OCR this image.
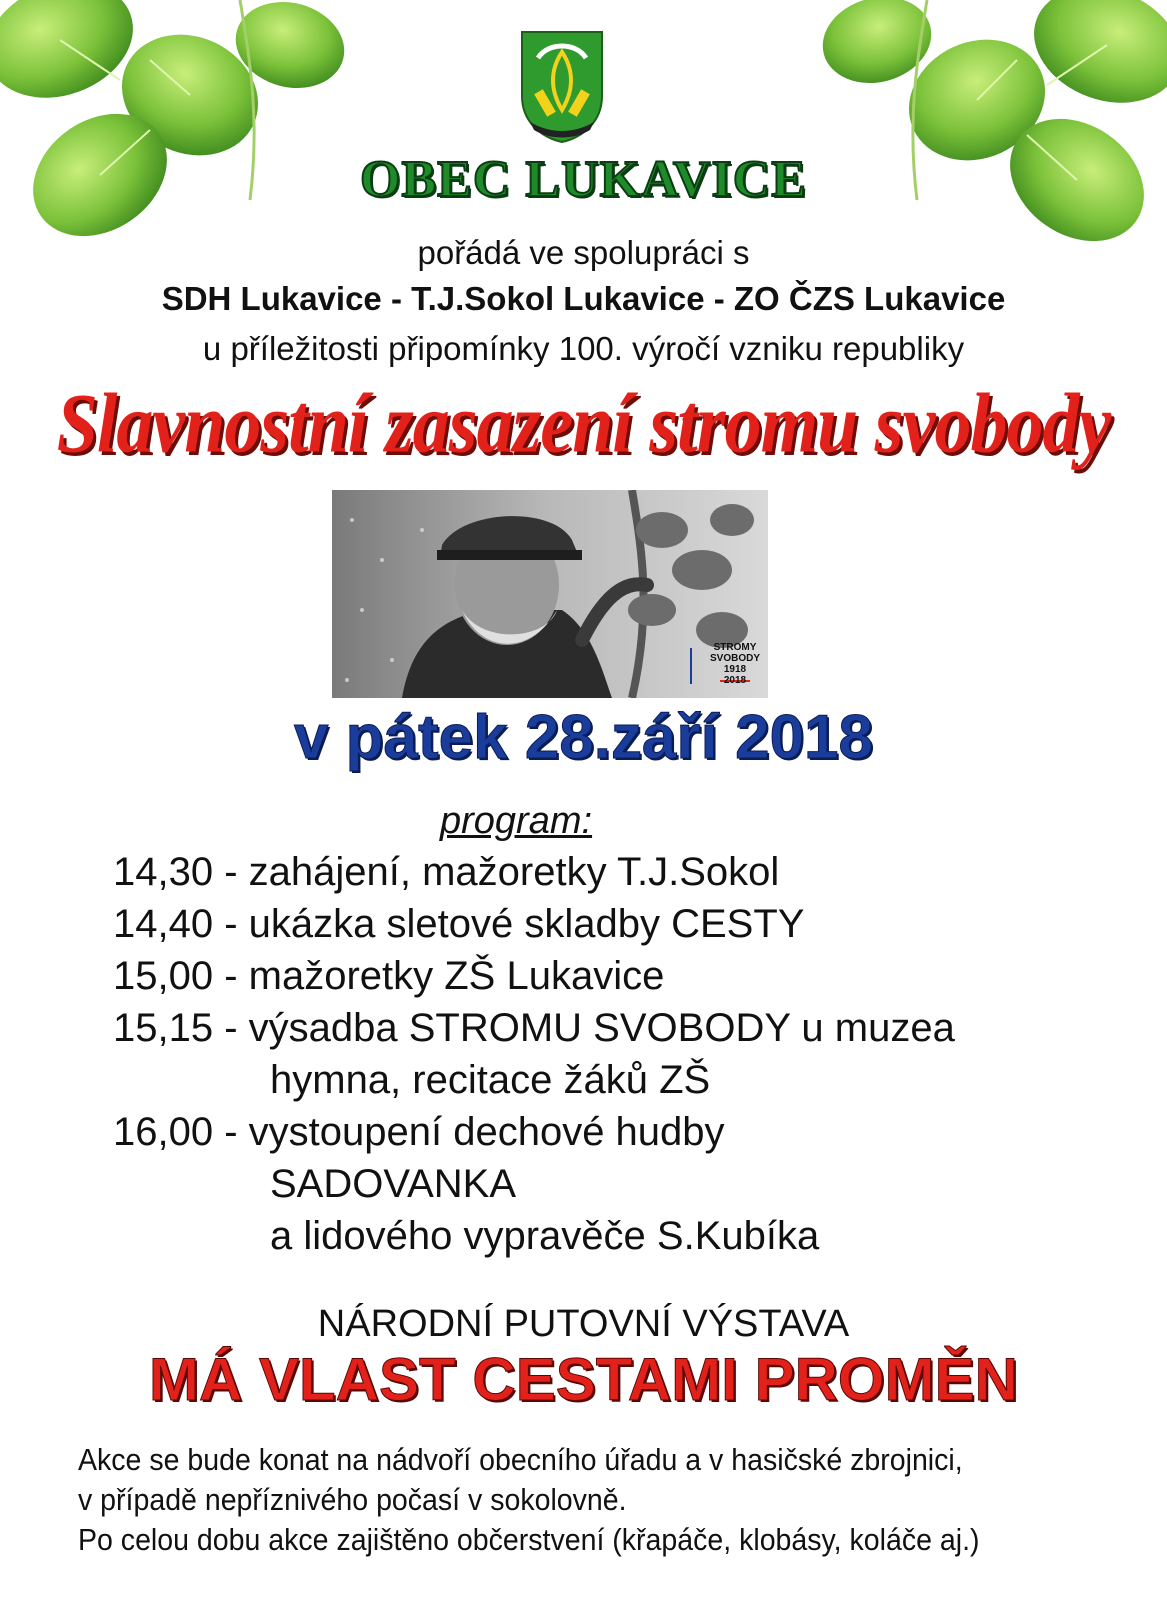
OBEC LUKAVICE
pořádá ve spolupráci s
SDH Lukavice - T.J.Sokol Lukavice - ZO ČZS Lukavice
u příležitosti připomínky 100. výročí vzniku republiky
Slavnostní zasazení stromu svobody
STROMY
SVOBODY
1918
2018
v pátek 28.září 2018
program:
14,30 - zahájení, mažoretky T.J.Sokol
14,40 - ukázka sletové skladby CESTY
15,00 - mažoretky ZŠ Lukavice
15,15 - výsadba STROMU SVOBODY u muzea
hymna, recitace žáků ZŠ
16,00 - vystoupení dechové hudby
SADOVANKA
a lidového vypravěče S.Kubíka
NÁRODNÍ PUTOVNÍ VÝSTAVA
MÁ VLAST CESTAMI PROMĚN
Akce se bude konat na nádvoří obecního úřadu a v hasičské zbrojnici,
v případě nepříznivého počasí v sokolovně.
Po celou dobu akce zajištěno občerstvení (křapáče, klobásy, koláče aj.)
